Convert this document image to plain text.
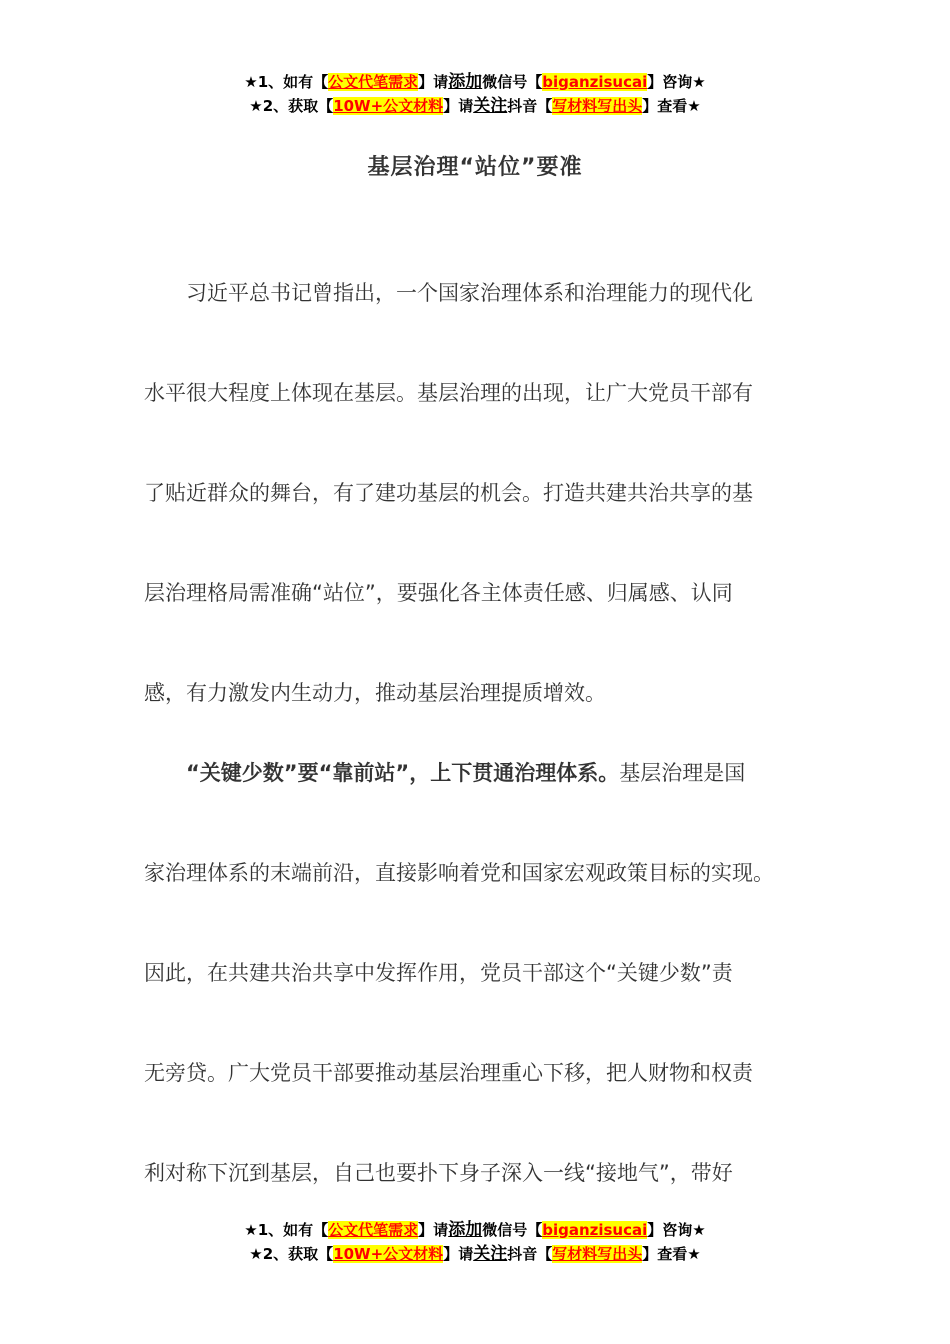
★1、如有【公文代笔需求】请添加微信号【biganzisucai】咨询★
★2、获取【10W+公文材料】请关注抖音【写材料写出头】查看★
基层治理“站位”要准
习近平总书记曾指出，一个国家治理体系和治理能力的现代化
水平很大程度上体现在基层。基层治理的出现，让广大党员干部有
了贴近群众的舞台，有了建功基层的机会。打造共建共治共享的基
层治理格局需准确“站位”，要强化各主体责任感、归属感、认同
感，有力激发内生动力，推动基层治理提质增效。
“关键少数”要“靠前站”，上下贯通治理体系。基层治理是国
家治理体系的末端前沿，直接影响着党和国家宏观政策目标的实现。
因此，在共建共治共享中发挥作用，党员干部这个“关键少数”责
无旁贷。广大党员干部要推动基层治理重心下移，把人财物和权责
利对称下沉到基层，自己也要扑下身子深入一线“接地气”，带好
★1、如有【公文代笔需求】请添加微信号【biganzisucai】咨询★
★2、获取【10W+公文材料】请关注抖音【写材料写出头】查看★
